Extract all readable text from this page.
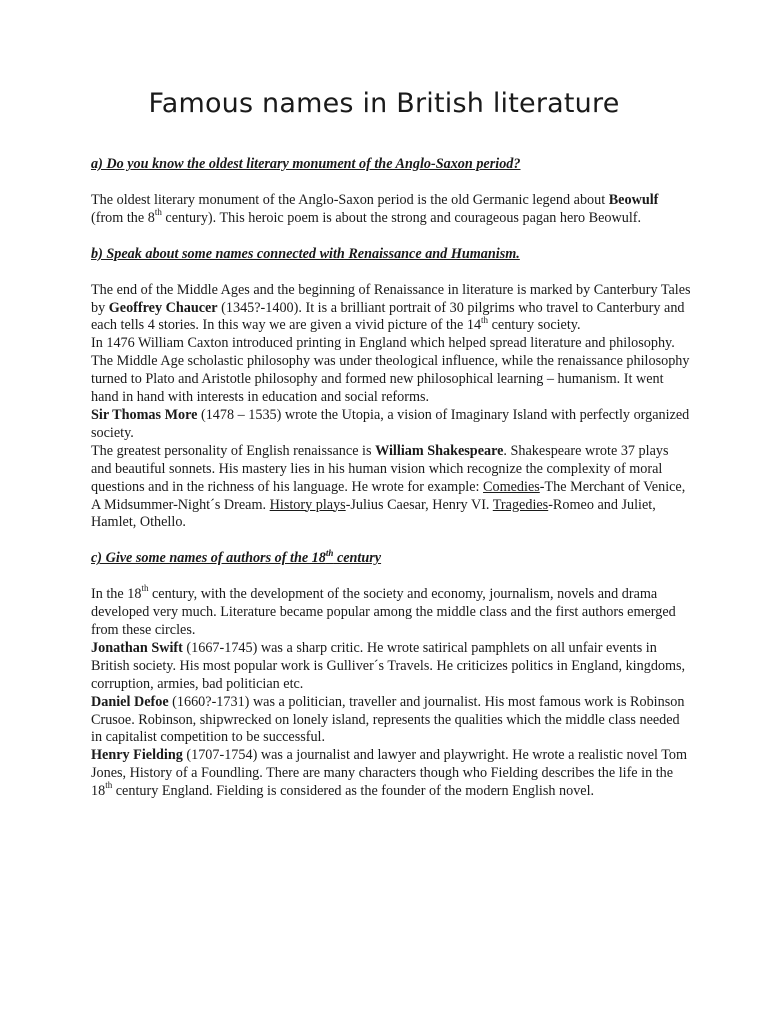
Famous names in British literature

a) Do you know the oldest literary monument of the Anglo-Saxon period?

The oldest literary monument of the Anglo-Saxon period is the old Germanic legend about Beowulf (from the 8th century). This heroic poem is about the strong and courageous pagan hero Beowulf.

b) Speak about some names connected with Renaissance and Humanism.

The end of the Middle Ages and the beginning of Renaissance in literature is marked by Canterbury Tales by Geoffrey Chaucer (1345?-1400). It is a brilliant portrait of 30 pilgrims who travel to Canterbury and each tells 4 stories. In this way we are given a vivid picture of the 14th century society.

In 1476 William Caxton introduced printing in England which helped spread literature and philosophy. The Middle Age scholastic philosophy was under theological influence, while the renaissance philosophy turned to Plato and Aristotle philosophy and formed new philosophical learning – humanism. It went hand in hand with interests in education and social reforms.

Sir Thomas More (1478 – 1535) wrote the Utopia, a vision of Imaginary Island with perfectly organized society.

The greatest personality of English renaissance is William Shakespeare. Shakespeare wrote 37 plays and beautiful sonnets. His mastery lies in his human vision which recognize the complexity of moral questions and in the richness of his language. He wrote for example: Comedies-The Merchant of Venice, A Midsummer-Night´s Dream. History plays-Julius Caesar, Henry VI. Tragedies-Romeo and Juliet, Hamlet, Othello.

c) Give some names of authors of the 18th century

In the 18th century, with the development of the society and economy, journalism, novels and drama developed very much. Literature became popular among the middle class and the first authors emerged from these circles.

Jonathan Swift (1667-1745) was a sharp critic. He wrote satirical pamphlets on all unfair events in British society. His most popular work is Gulliver´s Travels. He criticizes politics in England, kingdoms, corruption, armies, bad politician etc.

Daniel Defoe (1660?-1731) was a politician, traveller and journalist. His most famous work is Robinson Crusoe. Robinson, shipwrecked on lonely island, represents the qualities which the middle class needed in capitalist competition to be successful.

Henry Fielding (1707-1754) was a journalist and lawyer and playwright. He wrote a realistic novel Tom Jones, History of a Foundling. There are many characters though who Fielding describes the life in the 18th century England. Fielding is considered as the founder of the modern English novel.
